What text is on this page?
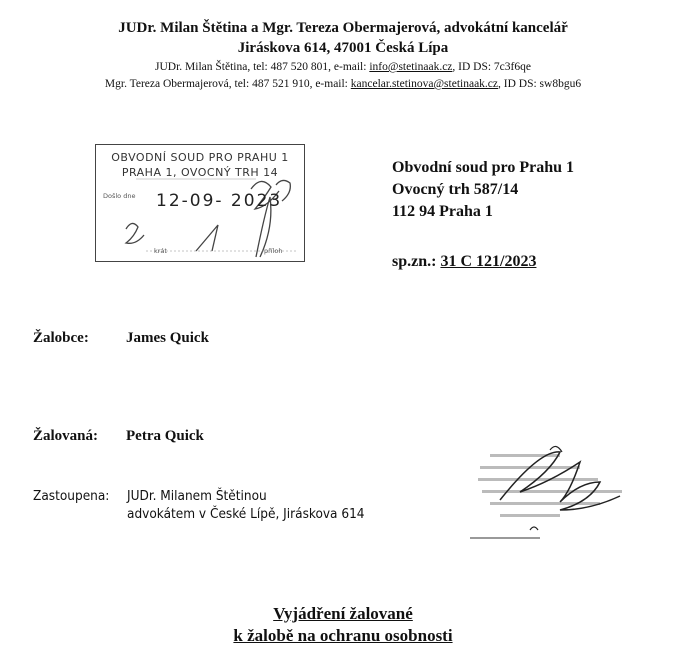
JUDr. Milan Štětina a Mgr. Tereza Obermajerová, advokátní kancelář
Jiráskova 614, 47001 Česká Lípa
JUDr. Milan Štětina, tel: 487 520 801, e-mail: info@stetinaak.cz, ID DS: 7c3f6qe
Mgr. Tereza Obermajerová, tel: 487 521 910, e-mail: kancelar.stetinova@stetinaak.cz, ID DS: sw8bgu6
OBVODNÍ SOUD PRO PRAHU 1
PRAHA 1, OVOCNÝ TRH 14
Došlo dne 12-09- 2023
krát	příloh
Obvodní soud pro Prahu 1
Ovocný trh 587/14
112 94 Praha 1
sp.zn.: 31 C 121/2023
Žalobce: James Quick
Žalovaná: Petra Quick
Zastoupena: JUDr. Milanem Štětinou
advokátem v České Lípě, Jiráskova 614
Vyjádření žalované
k žalobě na ochranu osobnosti
